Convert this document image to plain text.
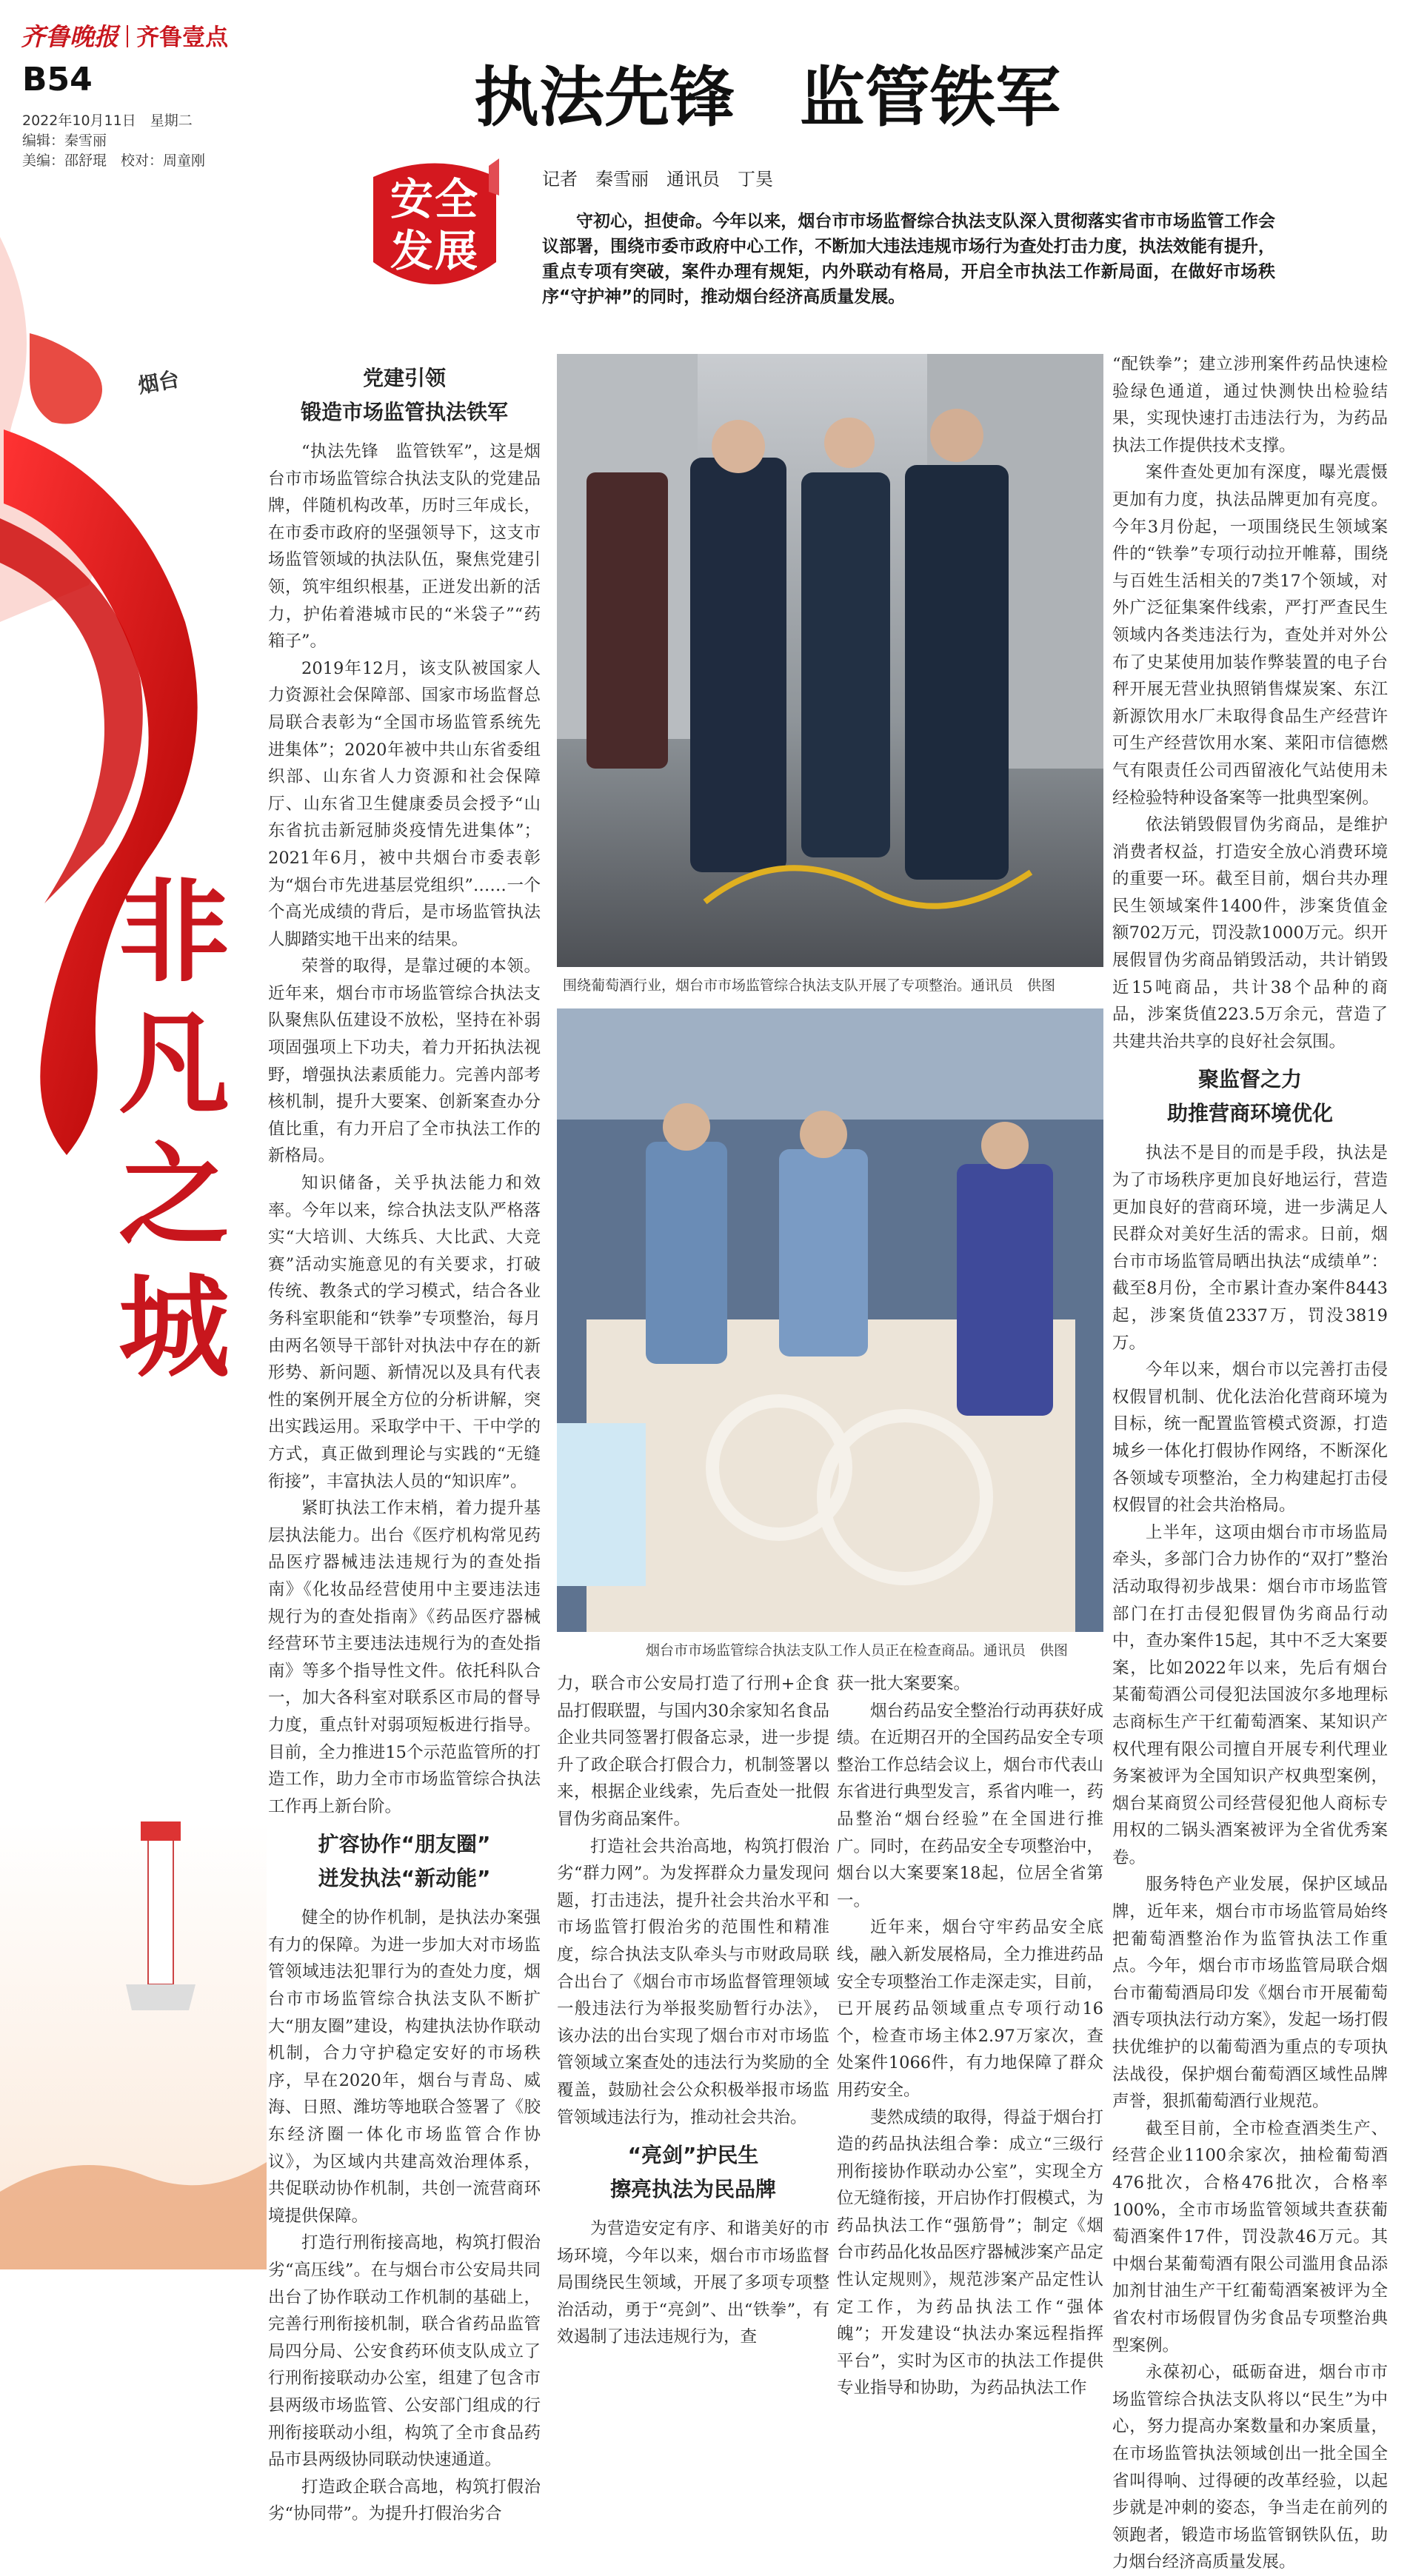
齐鲁晚报 齐鲁壹点
B54
2022年10月11日　星期二
编辑：秦雪丽
美编：邵舒琨　校对：周童刚
执法先锋　监管铁军
安全发展
记者　秦雪丽　通讯员　丁昊
守初心，担使命。今年以来，烟台市市场监督综合执法支队深入贯彻落实省市市场监管工作会议部署，围绕市委市政府中心工作，不断加大违法违规市场行为查处打击力度，执法效能有提升，重点专项有突破，案件办理有规矩，内外联动有格局，开启全市执法工作新局面，在做好市场秩序“守护神”的同时，推动烟台经济高质量发展。
烟台
非凡之城
党建引领
锻造市场监管执法铁军

“执法先锋　监管铁军”，这是烟台市市场监管综合执法支队的党建品牌，伴随机构改革，历时三年成长，在市委市政府的坚强领导下，这支市场监管领域的执法队伍，聚焦党建引领，筑牢组织根基，正迸发出新的活力，护佑着港城市民的“米袋子”“药箱子”。

2019年12月，该支队被国家人力资源社会保障部、国家市场监督总局联合表彰为“全国市场监管系统先进集体”；2020年被中共山东省委组织部、山东省人力资源和社会保障厅、山东省卫生健康委员会授予“山东省抗击新冠肺炎疫情先进集体”；2021年6月，被中共烟台市委表彰为“烟台市先进基层党组织”……一个个高光成绩的背后，是市场监管执法人脚踏实地干出来的结果。

荣誉的取得，是靠过硬的本领。近年来，烟台市市场监管综合执法支队聚焦队伍建设不放松，坚持在补弱项固强项上下功夫，着力开拓执法视野，增强执法素质能力。完善内部考核机制，提升大要案、创新案查办分值比重，有力开启了全市执法工作的新格局。

知识储备，关乎执法能力和效率。今年以来，综合执法支队严格落实“大培训、大练兵、大比武、大竞赛”活动实施意见的有关要求，打破传统、教条式的学习模式，结合各业务科室职能和“铁拳”专项整治，每月由两名领导干部针对执法中存在的新形势、新问题、新情况以及具有代表性的案例开展全方位的分析讲解，突出实践运用。采取学中干、干中学的方式，真正做到理论与实践的“无缝衔接”，丰富执法人员的“知识库”。

紧盯执法工作末梢，着力提升基层执法能力。出台《医疗机构常见药品医疗器械违法违规行为的查处指南》《化妆品经营使用中主要违法违规行为的查处指南》《药品医疗器械经营环节主要违法违规行为的查处指南》等多个指导性文件。依托科队合一，加大各科室对联系区市局的督导力度，重点针对弱项短板进行指导。目前，全力推进15个示范监管所的打造工作，助力全市市场监管综合执法工作再上新台阶。

扩容协作“朋友圈”
迸发执法“新动能”

健全的协作机制，是执法办案强有力的保障。为进一步加大对市场监管领域违法犯罪行为的查处力度，烟台市市场监管综合执法支队不断扩大“朋友圈”建设，构建执法协作联动机制，合力守护稳定安好的市场秩序，早在2020年，烟台与青岛、威海、日照、潍坊等地联合签署了《胶东经济圈一体化市场监管合作协议》，为区域内共建高效治理体系，共促联动协作机制，共创一流营商环境提供保障。

打造行刑衔接高地，构筑打假治劣“高压线”。在与烟台市公安局共同出台了协作联动工作机制的基础上，完善行刑衔接机制，联合省药品监管局四分局、公安食药环侦支队成立了行刑衔接联动办公室，组建了包含市县两级市场监管、公安部门组成的行刑衔接联动小组，构筑了全市食品药品市县两级协同联动快速通道。

打造政企联合高地，构筑打假治劣“协同带”。为提升打假治劣合

围绕葡萄酒行业，烟台市市场监管综合执法支队开展了专项整治。通讯员　供图
烟台市市场监管综合执法支队工作人员正在检查商品。通讯员　供图

力，联合市公安局打造了行刑+企食品打假联盟，与国内30余家知名食品企业共同签署打假备忘录，进一步提升了政企联合打假合力，机制签署以来，根据企业线索，先后查处一批假冒伪劣商品案件。

打造社会共治高地，构筑打假治劣“群力网”。为发挥群众力量发现问题，打击违法，提升社会共治水平和市场监管打假治劣的范围性和精准度，综合执法支队牵头与市财政局联合出台了《烟台市市场监督管理领域一般违法行为举报奖励暂行办法》，该办法的出台实现了烟台市对市场监管领域立案查处的违法行为奖励的全覆盖，鼓励社会公众积极举报市场监管领域违法行为，推动社会共治。

“亮剑”护民生
擦亮执法为民品牌

为营造安定有序、和谐美好的市场环境，今年以来，烟台市市场监督局围绕民生领域，开展了多项专项整治活动，勇于“亮剑”、出“铁拳”，有效遏制了违法违规行为，查

获一批大案要案。

烟台药品安全整治行动再获好成绩。在近期召开的全国药品安全专项整治工作总结会议上，烟台市代表山东省进行典型发言，系省内唯一，药品整治“烟台经验”在全国进行推广。同时，在药品安全专项整治中，烟台以大案要案18起，位居全省第一。

近年来，烟台守牢药品安全底线，融入新发展格局，全力推进药品安全专项整治工作走深走实，目前，已开展药品领域重点专项行动16个，检查市场主体2.97万家次，查处案件1066件，有力地保障了群众用药安全。

斐然成绩的取得，得益于烟台打造的药品执法组合拳：成立“三级行刑衔接协作联动办公室”，实现全方位无缝衔接，开启协作打假模式，为药品执法工作“强筋骨”；制定《烟台市药品化妆品医疗器械涉案产品定性认定规则》，规范涉案产品定性认定工作，为药品执法工作“强体魄”；开发建设“执法办案远程指挥平台”，实时为区市的执法工作提供专业指导和协助，为药品执法工作

“配铁拳”；建立涉刑案件药品快速检验绿色通道，通过快测快出检验结果，实现快速打击违法行为，为药品执法工作提供技术支撑。

案件查处更加有深度，曝光震慑更加有力度，执法品牌更加有亮度。今年3月份起，一项围绕民生领域案件的“铁拳”专项行动拉开帷幕，围绕与百姓生活相关的7类17个领域，对外广泛征集案件线索，严打严查民生领域内各类违法行为，查处并对外公布了史某使用加装作弊装置的电子台秤开展无营业执照销售煤炭案、东江新源饮用水厂未取得食品生产经营许可生产经营饮用水案、莱阳市信德燃气有限责任公司西留液化气站使用未经检验特种设备案等一批典型案例。

依法销毁假冒伪劣商品，是维护消费者权益，打造安全放心消费环境的重要一环。截至目前，烟台共办理民生领域案件1400件，涉案货值金额702万元，罚没款1000万元。织开展假冒伪劣商品销毁活动，共计销毁近15吨商品，共计38个品种的商品，涉案货值223.5万余元，营造了共建共治共享的良好社会氛围。

聚监督之力
助推营商环境优化

执法不是目的而是手段，执法是为了市场秩序更加良好地运行，营造更加良好的营商环境，进一步满足人民群众对美好生活的需求。日前，烟台市市场监管局晒出执法“成绩单”：截至8月份，全市累计查办案件8443起，涉案货值2337万，罚没3819万。

今年以来，烟台市以完善打击侵权假冒机制、优化法治化营商环境为目标，统一配置监管模式资源，打造城乡一体化打假协作网络，不断深化各领域专项整治，全力构建起打击侵权假冒的社会共治格局。

上半年，这项由烟台市市场监局牵头，多部门合力协作的“双打”整治活动取得初步战果：烟台市市场监管部门在打击侵犯假冒伪劣商品行动中，查办案件15起，其中不乏大案要案，比如2022年以来，先后有烟台某葡萄酒公司侵犯法国波尔多地理标志商标生产干红葡萄酒案、某知识产权代理有限公司擅自开展专利代理业务案被评为全国知识产权典型案例，烟台某商贸公司经营侵犯他人商标专用权的二锅头酒案被评为全省优秀案卷。

服务特色产业发展，保护区域品牌，近年来，烟台市市场监管局始终把葡萄酒整治作为监管执法工作重点。今年，烟台市市场监管局联合烟台市葡萄酒局印发《烟台市开展葡萄酒专项执法行动方案》，发起一场打假扶优维护的以葡萄酒为重点的专项执法战役，保护烟台葡萄酒区域性品牌声誉，狠抓葡萄酒行业规范。

截至目前，全市检查酒类生产、经营企业1100余家次，抽检葡萄酒476批次，合格476批次，合格率100%，全市市场监管领域共查获葡萄酒案件17件，罚没款46万元。其中烟台某葡萄酒有限公司滥用食品添加剂甘油生产干红葡萄酒案被评为全省农村市场假冒伪劣食品专项整治典型案例。

永葆初心，砥砺奋进，烟台市市场监管综合执法支队将以“民生”为中心，努力提高办案数量和办案质量，在市场监管执法领域创出一批全国全省叫得响、过得硬的改革经验，以起步就是冲刺的姿态，争当走在前列的领跑者，锻造市场监管钢铁队伍，助力烟台经济高质量发展。
